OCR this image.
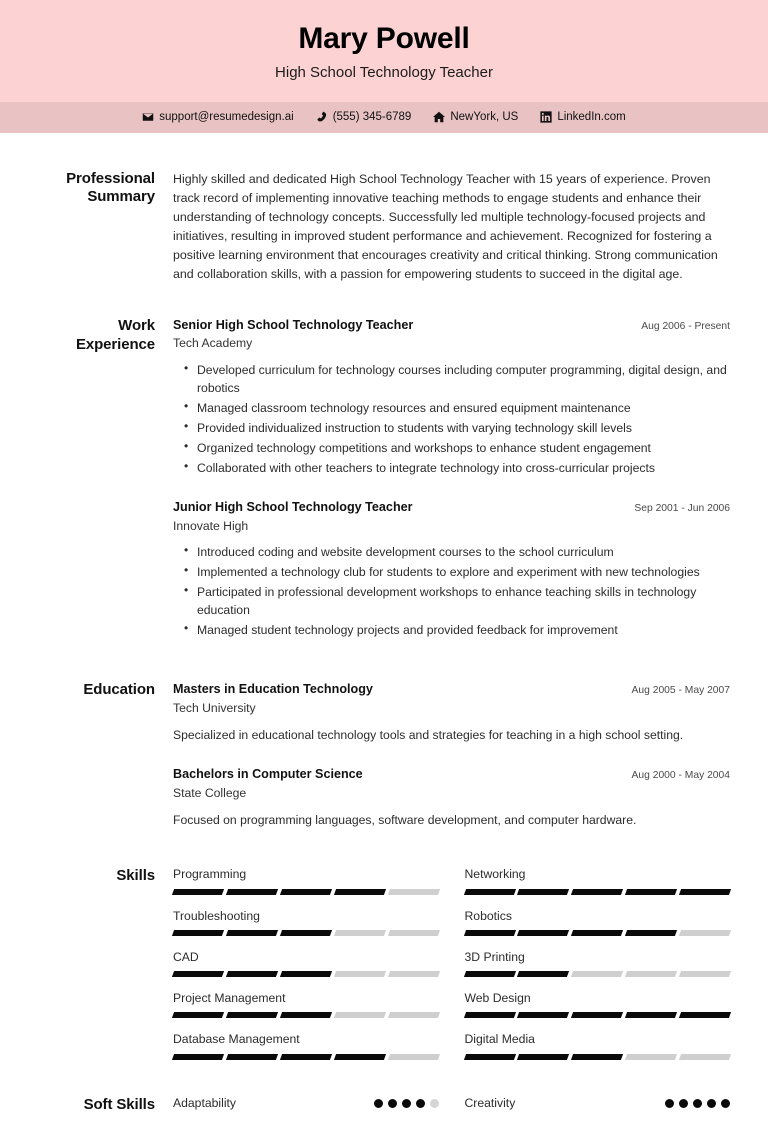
Mary Powell
High School Technology Teacher
support@resumedesign.ai	(555) 345-6789	NewYork, US	LinkedIn.com
Professional Summary
Highly skilled and dedicated High School Technology Teacher with 15 years of experience. Proven track record of implementing innovative teaching methods to engage students and enhance their understanding of technology concepts. Successfully led multiple technology-focused projects and initiatives, resulting in improved student performance and achievement. Recognized for fostering a positive learning environment that encourages creativity and critical thinking. Strong communication and collaboration skills, with a passion for empowering students to succeed in the digital age.
Work Experience
Senior High School Technology Teacher	Aug 2006 - Present
Tech Academy
• Developed curriculum for technology courses including computer programming, digital design, and robotics
• Managed classroom technology resources and ensured equipment maintenance
• Provided individualized instruction to students with varying technology skill levels
• Organized technology competitions and workshops to enhance student engagement
• Collaborated with other teachers to integrate technology into cross-curricular projects
Junior High School Technology Teacher	Sep 2001 - Jun 2006
Innovate High
• Introduced coding and website development courses to the school curriculum
• Implemented a technology club for students to explore and experiment with new technologies
• Participated in professional development workshops to enhance teaching skills in technology education
• Managed student technology projects and provided feedback for improvement
Education	Masters in Education Technology	Aug 2005 - May 2007
Tech University
Specialized in educational technology tools and strategies for teaching in a high school setting.
Bachelors in Computer Science	Aug 2000 - May 2004
State College
Focused on programming languages, software development, and computer hardware.
Skills	Programming	Networking
Troubleshooting	Robotics
CAD	3D Printing
Project Management	Web Design
Database Management	Digital Media
Soft Skills	Adaptability	Creativity
